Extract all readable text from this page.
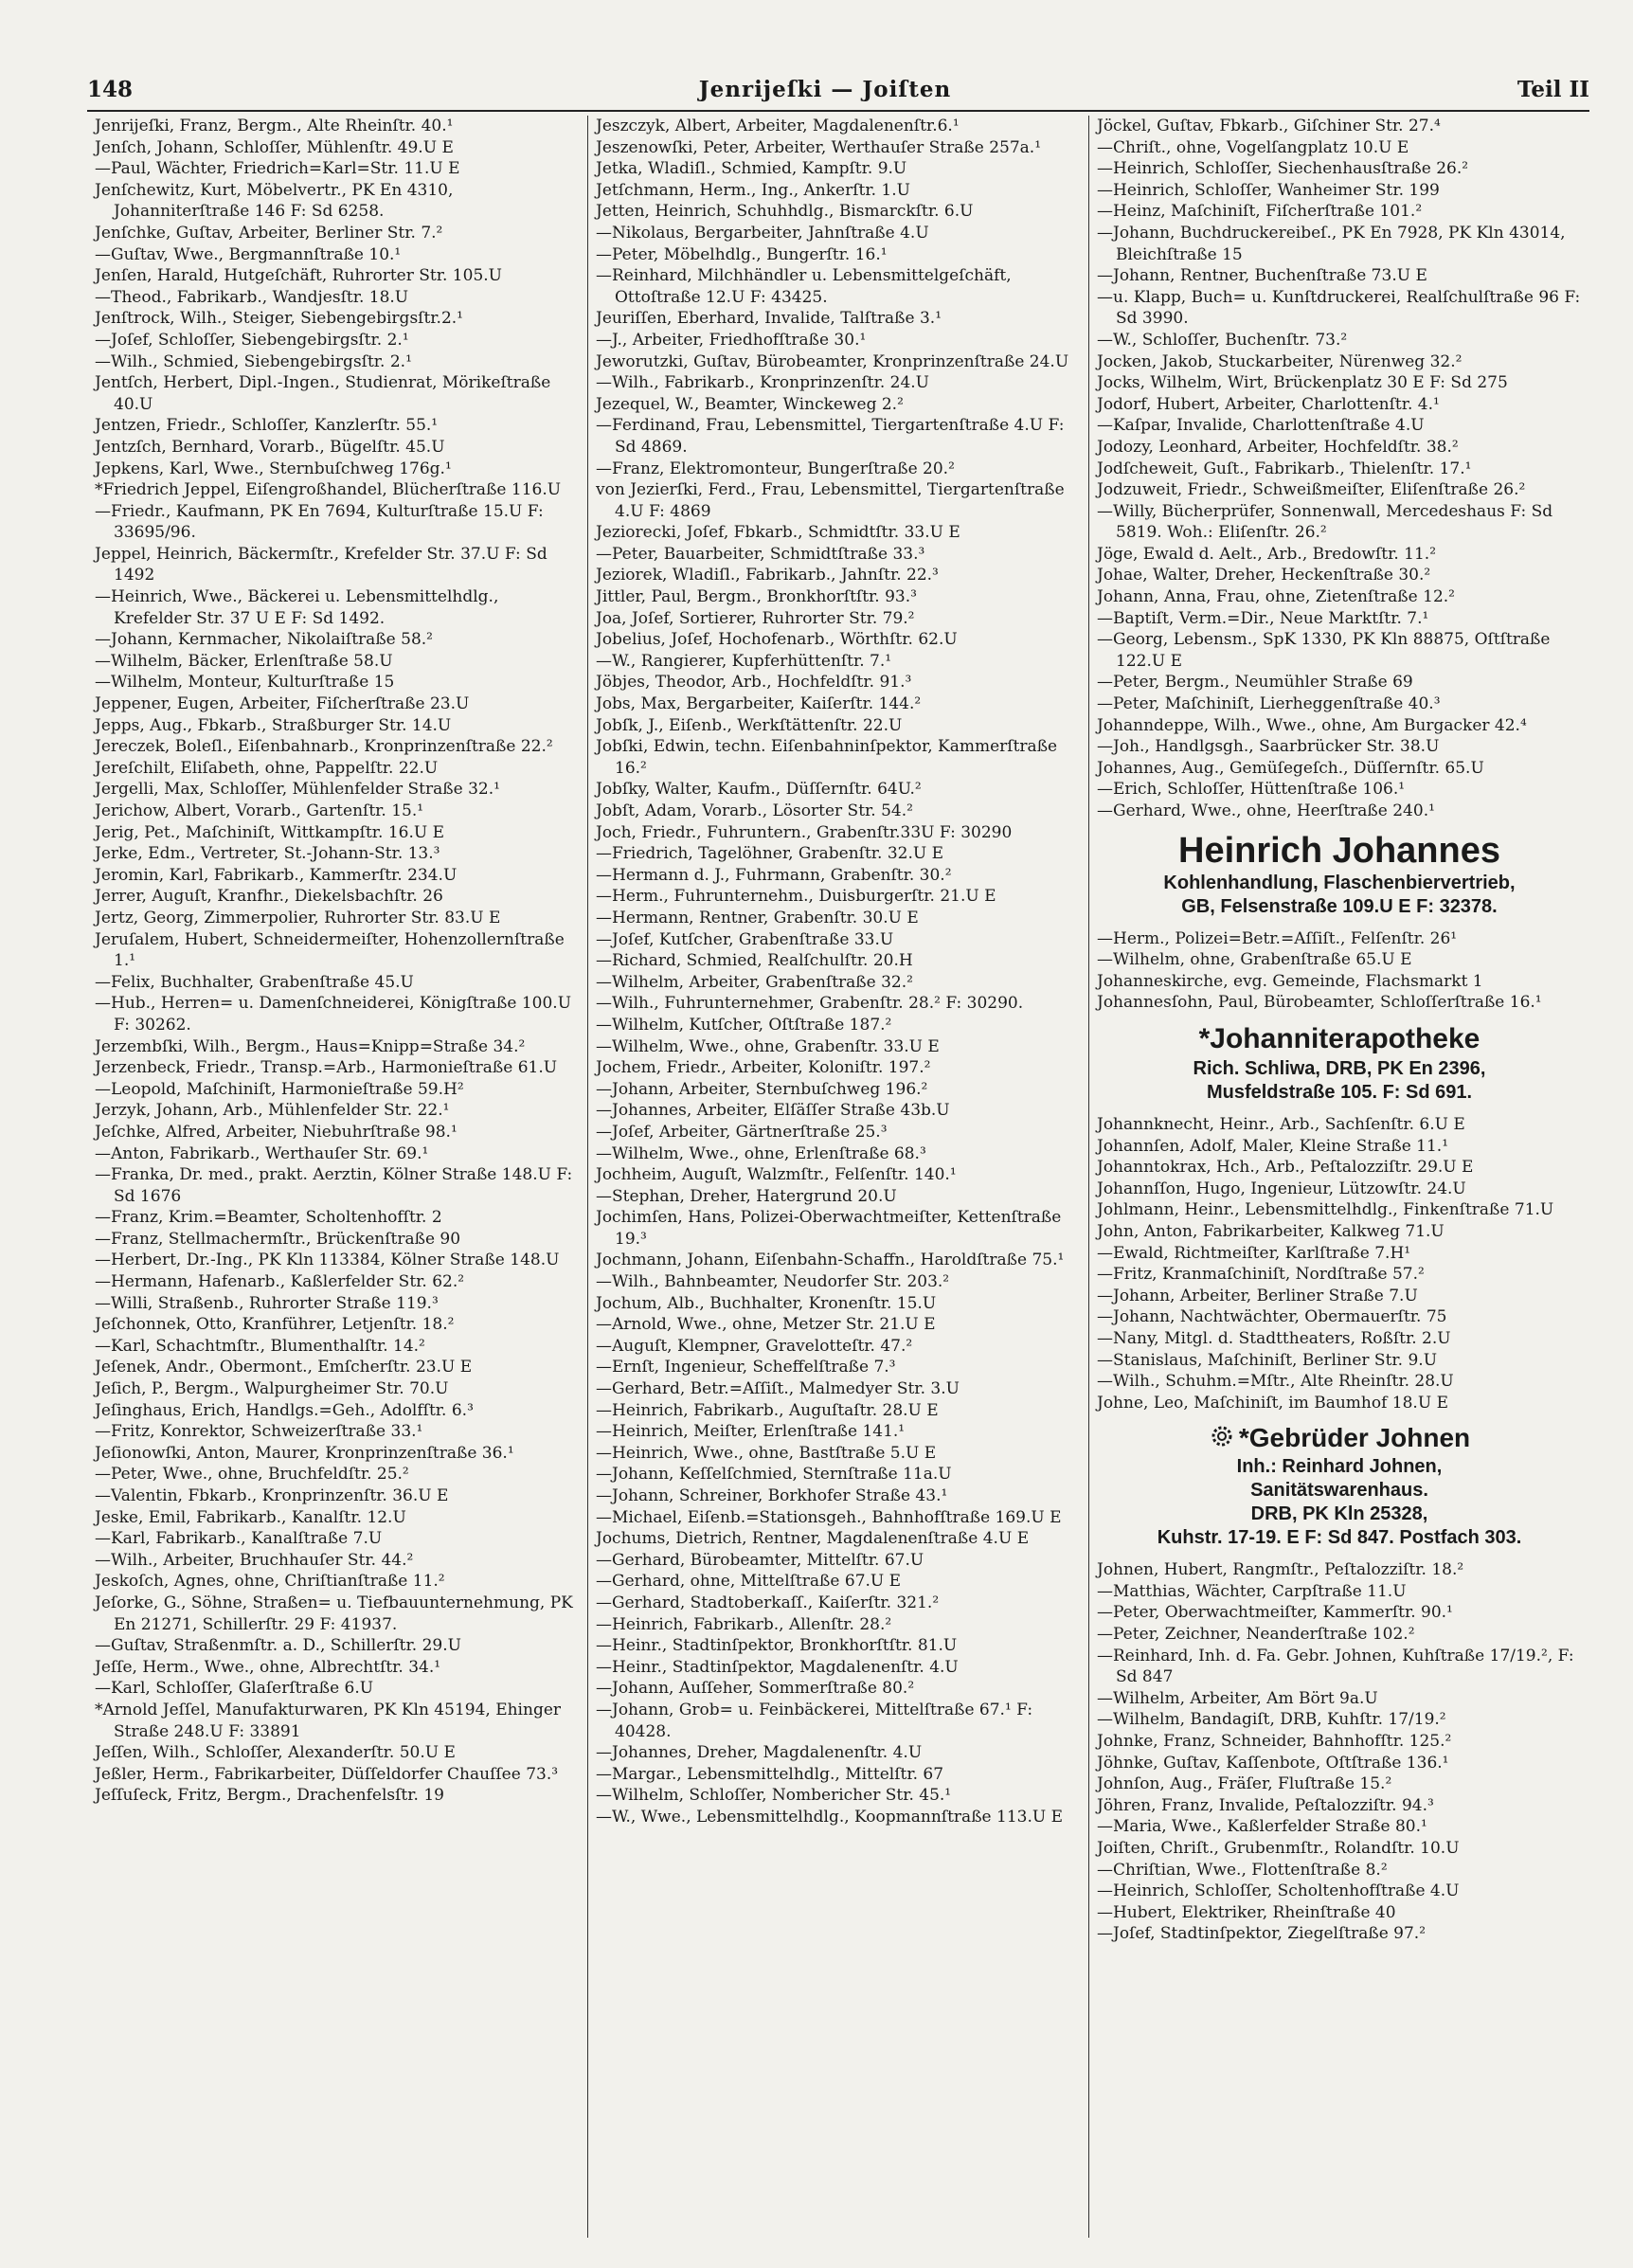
148	Jenrijeſki — Joiſten	Teil II
Jenrijeſki, Franz, Bergm., Alte Rheinſtr. 40.¹
Jenſch, Johann, Schloſſer, Mühlenſtr. 49.U E
—Paul, Wächter, Friedrich=Karl=Str. 11.U E
Jenſchewitz, Kurt, Möbelvertr., PK En 4310, Johanniterſtraße 146 F: Sd 6258.
Jenſchke, Guſtav, Arbeiter, Berliner Str. 7.²
—Guſtav, Wwe., Bergmannſtraße 10.¹
Jenſen, Harald, Hutgeſchäft, Ruhrorter Str. 105.U
—Theod., Fabrikarb., Wandjesſtr. 18.U
Jenſtrock, Wilh., Steiger, Siebengebirgsſtr.2.¹
—Joſef, Schloſſer, Siebengebirgsſtr. 2.¹
—Wilh., Schmied, Siebengebirgsſtr. 2.¹
Jentſch, Herbert, Dipl.-Ingen., Studienrat, Mörikeſtraße 40.U
Jentzen, Friedr., Schloſſer, Kanzlerſtr. 55.¹
Jentzſch, Bernhard, Vorarb., Bügelſtr. 45.U
Jepkens, Karl, Wwe., Sternbuſchweg 176g.¹
*Friedrich Jeppel, Eiſengroßhandel, Blücherſtraße 116.U
—Friedr., Kaufmann, PK En 7694, Kulturſtraße 15.U F: 33695/96.
Jeppel, Heinrich, Bäckermſtr., Krefelder Str. 37.U F: Sd 1492
—Heinrich, Wwe., Bäckerei u. Lebensmittelhdlg., Krefelder Str. 37 U E F: Sd 1492.
—Johann, Kernmacher, Nikolaiſtraße 58.²
—Wilhelm, Bäcker, Erlenſtraße 58.U
—Wilhelm, Monteur, Kulturſtraße 15
Jeppener, Eugen, Arbeiter, Fiſcherſtraße 23.U
Jepps, Aug., Fbkarb., Straßburger Str. 14.U
Jereczek, Boleſl., Eiſenbahnarb., Kronprinzenſtraße 22.²
Jereſchilt, Eliſabeth, ohne, Pappelſtr. 22.U
Jergelli, Max, Schloſſer, Mühlenfelder Straße 32.¹
Jerichow, Albert, Vorarb., Gartenſtr. 15.¹
Jerig, Pet., Maſchiniſt, Wittkampſtr. 16.U E
Jerke, Edm., Vertreter, St.-Johann-Str. 13.³
Jeromin, Karl, Fabrikarb., Kammerſtr. 234.U
Jerrer, Auguſt, Kranfhr., Diekelsbachſtr. 26
Jertz, Georg, Zimmerpolier, Ruhrorter Str. 83.U E
Jeruſalem, Hubert, Schneidermeiſter, Hohenzollernſtraße 1.¹
—Felix, Buchhalter, Grabenſtraße 45.U
—Hub., Herren= u. Damenſchneiderei, Königſtraße 100.U F: 30262.
Jerzembſki, Wilh., Bergm., Haus=Knipp=Straße 34.²
Jerzenbeck, Friedr., Transp.=Arb., Harmonieſtraße 61.U
—Leopold, Maſchiniſt, Harmonieſtraße 59.H²
Jerzyk, Johann, Arb., Mühlenfelder Str. 22.¹
Jeſchke, Alfred, Arbeiter, Niebuhrſtraße 98.¹
—Anton, Fabrikarb., Werthauſer Str. 69.¹
—Franka, Dr. med., prakt. Aerztin, Kölner Straße 148.U F: Sd 1676
—Franz, Krim.=Beamter, Scholtenhofſtr. 2
—Franz, Stellmachermſtr., Brückenſtraße 90
—Herbert, Dr.-Ing., PK Kln 113384, Kölner Straße 148.U
—Hermann, Hafenarb., Kaßlerfelder Str. 62.²
—Willi, Straßenb., Ruhrorter Straße 119.³
Jeſchonnek, Otto, Kranführer, Letjenſtr. 18.²
—Karl, Schachtmſtr., Blumenthalſtr. 14.²
Jeſenek, Andr., Obermont., Emſcherſtr. 23.U E
Jeſich, P., Bergm., Walpurgheimer Str. 70.U
Jeſinghaus, Erich, Handlgs.=Geh., Adolfſtr. 6.³
—Fritz, Konrektor, Schweizerſtraße 33.¹
Jeſionowſki, Anton, Maurer, Kronprinzenſtraße 36.¹
—Peter, Wwe., ohne, Bruchfeldſtr. 25.²
—Valentin, Fbkarb., Kronprinzenſtr. 36.U E
Jeske, Emil, Fabrikarb., Kanalſtr. 12.U
—Karl, Fabrikarb., Kanalſtraße 7.U
—Wilh., Arbeiter, Bruchhauſer Str. 44.²
Jeskoſch, Agnes, ohne, Chriſtianſtraße 11.²
Jeſorke, G., Söhne, Straßen= u. Tiefbauunternehmung, PK En 21271, Schillerſtr. 29 F: 41937.
—Guſtav, Straßenmſtr. a. D., Schillerſtr. 29.U
Jeſſe, Herm., Wwe., ohne, Albrechtſtr. 34.¹
—Karl, Schloſſer, Glaſerſtraße 6.U
*Arnold Jeſſel, Manufakturwaren, PK Kln 45194, Ehinger Straße 248.U F: 33891
Jeſſen, Wilh., Schloſſer, Alexanderſtr. 50.U E
Jeßler, Herm., Fabrikarbeiter, Düſſeldorfer Chauſſee 73.³
Jeſſuſeck, Fritz, Bergm., Drachenfelsſtr. 19
Jeszczyk, Albert, Arbeiter, Magdalenenſtr.6.¹
Jeszenowſki, Peter, Arbeiter, Werthauſer Straße 257a.¹
Jetka, Wladiſl., Schmied, Kampſtr. 9.U
Jetſchmann, Herm., Ing., Ankerſtr. 1.U
Jetten, Heinrich, Schuhhdlg., Bismarckſtr. 6.U
—Nikolaus, Bergarbeiter, Jahnſtraße 4.U
—Peter, Möbelhdlg., Bungerſtr. 16.¹
—Reinhard, Milchhändler u. Lebensmittelgeſchäft, Ottoſtraße 12.U F: 43425.
Jeuriſſen, Eberhard, Invalide, Talſtraße 3.¹
—J., Arbeiter, Friedhofſtraße 30.¹
Jeworutzki, Guſtav, Bürobeamter, Kronprinzenſtraße 24.U
—Wilh., Fabrikarb., Kronprinzenſtr. 24.U
Jezequel, W., Beamter, Winckeweg 2.²
—Ferdinand, Frau, Lebensmittel, Tiergartenſtraße 4.U F: Sd 4869.
—Franz, Elektromonteur, Bungerſtraße 20.²
von Jezierſki, Ferd., Frau, Lebensmittel, Tiergartenſtraße 4.U F: 4869
Jeziorecki, Joſef, Fbkarb., Schmidtſtr. 33.U E
—Peter, Bauarbeiter, Schmidtſtraße 33.³
Jeziorek, Wladiſl., Fabrikarb., Jahnſtr. 22.³
Jittler, Paul, Bergm., Bronkhorſtſtr. 93.³
Joa, Joſef, Sortierer, Ruhrorter Str. 79.²
Jobelius, Joſef, Hochofenarb., Wörthſtr. 62.U
—W., Rangierer, Kupferhüttenſtr. 7.¹
Jöbjes, Theodor, Arb., Hochfeldſtr. 91.³
Jobs, Max, Bergarbeiter, Kaiſerſtr. 144.²
Jobſk, J., Eiſenb., Werkſtättenſtr. 22.U
Jobſki, Edwin, techn. Eiſenbahninſpektor, Kammerſtraße 16.²
Jobſky, Walter, Kaufm., Düſſernſtr. 64U.²
Jobſt, Adam, Vorarb., Lösorter Str. 54.²
Joch, Friedr., Fuhruntern., Grabenſtr.33U F: 30290
—Friedrich, Tagelöhner, Grabenſtr. 32.U E
—Hermann d. J., Fuhrmann, Grabenſtr. 30.²
—Herm., Fuhrunternehm., Duisburgerſtr. 21.U E
—Hermann, Rentner, Grabenſtr. 30.U E
—Joſef, Kutſcher, Grabenſtraße 33.U
—Richard, Schmied, Realſchulſtr. 20.H
—Wilhelm, Arbeiter, Grabenſtraße 32.²
—Wilh., Fuhrunternehmer, Grabenſtr. 28.² F: 30290.
—Wilhelm, Kutſcher, Oſtſtraße 187.²
—Wilhelm, Wwe., ohne, Grabenſtr. 33.U E
Jochem, Friedr., Arbeiter, Koloniſtr. 197.²
—Johann, Arbeiter, Sternbuſchweg 196.²
—Johannes, Arbeiter, Elſäſſer Straße 43b.U
—Joſef, Arbeiter, Gärtnerſtraße 25.³
—Wilhelm, Wwe., ohne, Erlenſtraße 68.³
Jochheim, Auguſt, Walzmſtr., Felſenſtr. 140.¹
—Stephan, Dreher, Hatergrund 20.U
Jochimſen, Hans, Polizei-Oberwachtmeiſter, Kettenſtraße 19.³
Jochmann, Johann, Eiſenbahn-Schaffn., Haroldſtraße 75.¹
—Wilh., Bahnbeamter, Neudorfer Str. 203.²
Jochum, Alb., Buchhalter, Kronenſtr. 15.U
—Arnold, Wwe., ohne, Metzer Str. 21.U E
—Auguſt, Klempner, Gravelotteſtr. 47.²
—Ernſt, Ingenieur, Scheffelſtraße 7.³
—Gerhard, Betr.=Aſſiſt., Malmedyer Str. 3.U
—Heinrich, Fabrikarb., Auguſtaſtr. 28.U E
—Heinrich, Meiſter, Erlenſtraße 141.¹
—Heinrich, Wwe., ohne, Bastſtraße 5.U E
—Johann, Keſſelſchmied, Sternſtraße 11a.U
—Johann, Schreiner, Borkhofer Straße 43.¹
—Michael, Eiſenb.=Stationsgeh., Bahnhofſtraße 169.U E
Jochums, Dietrich, Rentner, Magdalenenſtraße 4.U E
—Gerhard, Bürobeamter, Mittelſtr. 67.U
—Gerhard, ohne, Mittelſtraße 67.U E
—Gerhard, Stadtoberkaſſ., Kaiſerſtr. 321.²
—Heinrich, Fabrikarb., Allenſtr. 28.²
—Heinr., Stadtinſpektor, Bronkhorſtſtr. 81.U
—Heinr., Stadtinſpektor, Magdalenenſtr. 4.U
—Johann, Auſſeher, Sommerſtraße 80.²
—Johann, Grob= u. Feinbäckerei, Mittelſtraße 67.¹ F: 40428.
—Johannes, Dreher, Magdalenenſtr. 4.U
—Margar., Lebensmittelhdlg., Mittelſtr. 67
—Wilhelm, Schloſſer, Nombericher Str. 45.¹
—W., Wwe., Lebensmittelhdlg., Koopmannſtraße 113.U E
Jöckel, Guſtav, Fbkarb., Giſchiner Str. 27.⁴
—Chriſt., ohne, Vogelſangplatz 10.U E
—Heinrich, Schloſſer, Siechenhausſtraße 26.²
—Heinrich, Schloſſer, Wanheimer Str. 199
—Heinz, Maſchiniſt, Fiſcherſtraße 101.²
—Johann, Buchdruckereibeſ., PK En 7928, PK Kln 43014, Bleichſtraße 15
—Johann, Rentner, Buchenſtraße 73.U E
—u. Klapp, Buch= u. Kunſtdruckerei, Realſchulſtraße 96 F: Sd 3990.
—W., Schloſſer, Buchenſtr. 73.²
Jocken, Jakob, Stuckarbeiter, Nürenweg 32.²
Jocks, Wilhelm, Wirt, Brückenplatz 30 E F: Sd 275
Jodorf, Hubert, Arbeiter, Charlottenſtr. 4.¹
—Kaſpar, Invalide, Charlottenſtraße 4.U
Jodozy, Leonhard, Arbeiter, Hochfeldſtr. 38.²
Jodſcheweit, Guſt., Fabrikarb., Thielenſtr. 17.¹
Jodzuweit, Friedr., Schweißmeiſter, Eliſenſtraße 26.²
—Willy, Bücherprüfer, Sonnenwall, Mercedeshaus F: Sd 5819. Woh.: Eliſenſtr. 26.²
Jöge, Ewald d. Aelt., Arb., Bredowſtr. 11.²
Johae, Walter, Dreher, Heckenſtraße 30.²
Johann, Anna, Frau, ohne, Zietenſtraße 12.²
—Baptiſt, Verm.=Dir., Neue Marktſtr. 7.¹
—Georg, Lebensm., SpK 1330, PK Kln 88875, Oſtſtraße 122.U E
—Peter, Bergm., Neumühler Straße 69
—Peter, Maſchiniſt, Lierheggenſtraße 40.³
Johanndeppe, Wilh., Wwe., ohne, Am Burgacker 42.⁴
—Joh., Handlgsgh., Saarbrücker Str. 38.U
Johannes, Aug., Gemüſegeſch., Düſſernſtr. 65.U
—Erich, Schloſſer, Hüttenſtraße 106.¹
—Gerhard, Wwe., ohne, Heerſtraße 240.¹
Heinrich Johannes
Kohlenhandlung, Flaschenbiervertrieb,
GB, Felsenstraße 109.U E F: 32378.
—Herm., Polizei=Betr.=Aſſiſt., Felſenſtr. 26¹
—Wilhelm, ohne, Grabenſtraße 65.U E
Johanneskirche, evg. Gemeinde, Flachsmarkt 1
Johannesſohn, Paul, Bürobeamter, Schloſſerſtraße 16.¹
*Johanniterapotheke
Rich. Schliwa, DRB, PK En 2396,
Musfeldstraße 105. F: Sd 691.
Johannknecht, Heinr., Arb., Sachſenſtr. 6.U E
Johannſen, Adolf, Maler, Kleine Straße 11.¹
Johanntokrax, Hch., Arb., Peſtalozziſtr. 29.U E
Johannſſon, Hugo, Ingenieur, Lützowſtr. 24.U
Johlmann, Heinr., Lebensmittelhdlg., Finkenſtraße 71.U
John, Anton, Fabrikarbeiter, Kalkweg 71.U
—Ewald, Richtmeiſter, Karlſtraße 7.H¹
—Fritz, Kranmaſchiniſt, Nordſtraße 57.²
—Johann, Arbeiter, Berliner Straße 7.U
—Johann, Nachtwächter, Obermauerſtr. 75
—Nany, Mitgl. d. Stadttheaters, Roßſtr. 2.U
—Stanislaus, Maſchiniſt, Berliner Str. 9.U
—Wilh., Schuhm.=Mſtr., Alte Rheinſtr. 28.U
Johne, Leo, Maſchiniſt, im Baumhof 18.U E
*Gebrüder Johnen
Inh.: Reinhard Johnen,
Sanitätswarenhaus.
DRB, PK Kln 25328,
Kuhstr. 17-19. E F: Sd 847. Postfach 303.
Johnen, Hubert, Rangmſtr., Peſtalozziſtr. 18.²
—Matthias, Wächter, Carpſtraße 11.U
—Peter, Oberwachtmeiſter, Kammerſtr. 90.¹
—Peter, Zeichner, Neanderſtraße 102.²
—Reinhard, Inh. d. Fa. Gebr. Johnen, Kuhſtraße 17/19.², F: Sd 847
—Wilhelm, Arbeiter, Am Bört 9a.U
—Wilhelm, Bandagiſt, DRB, Kuhſtr. 17/19.²
Johnke, Franz, Schneider, Bahnhofſtr. 125.²
Jöhnke, Guſtav, Kaſſenbote, Oſtſtraße 136.¹
Johnſon, Aug., Fräſer, Fluſtraße 15.²
Jöhren, Franz, Invalide, Peſtalozziſtr. 94.³
—Maria, Wwe., Kaßlerfelder Straße 80.¹
Joiſten, Chriſt., Grubenmſtr., Rolandſtr. 10.U
—Chriſtian, Wwe., Flottenſtraße 8.²
—Heinrich, Schloſſer, Scholtenhofſtraße 4.U
—Hubert, Elektriker, Rheinſtraße 40
—Joſef, Stadtinſpektor, Ziegelſtraße 97.²
